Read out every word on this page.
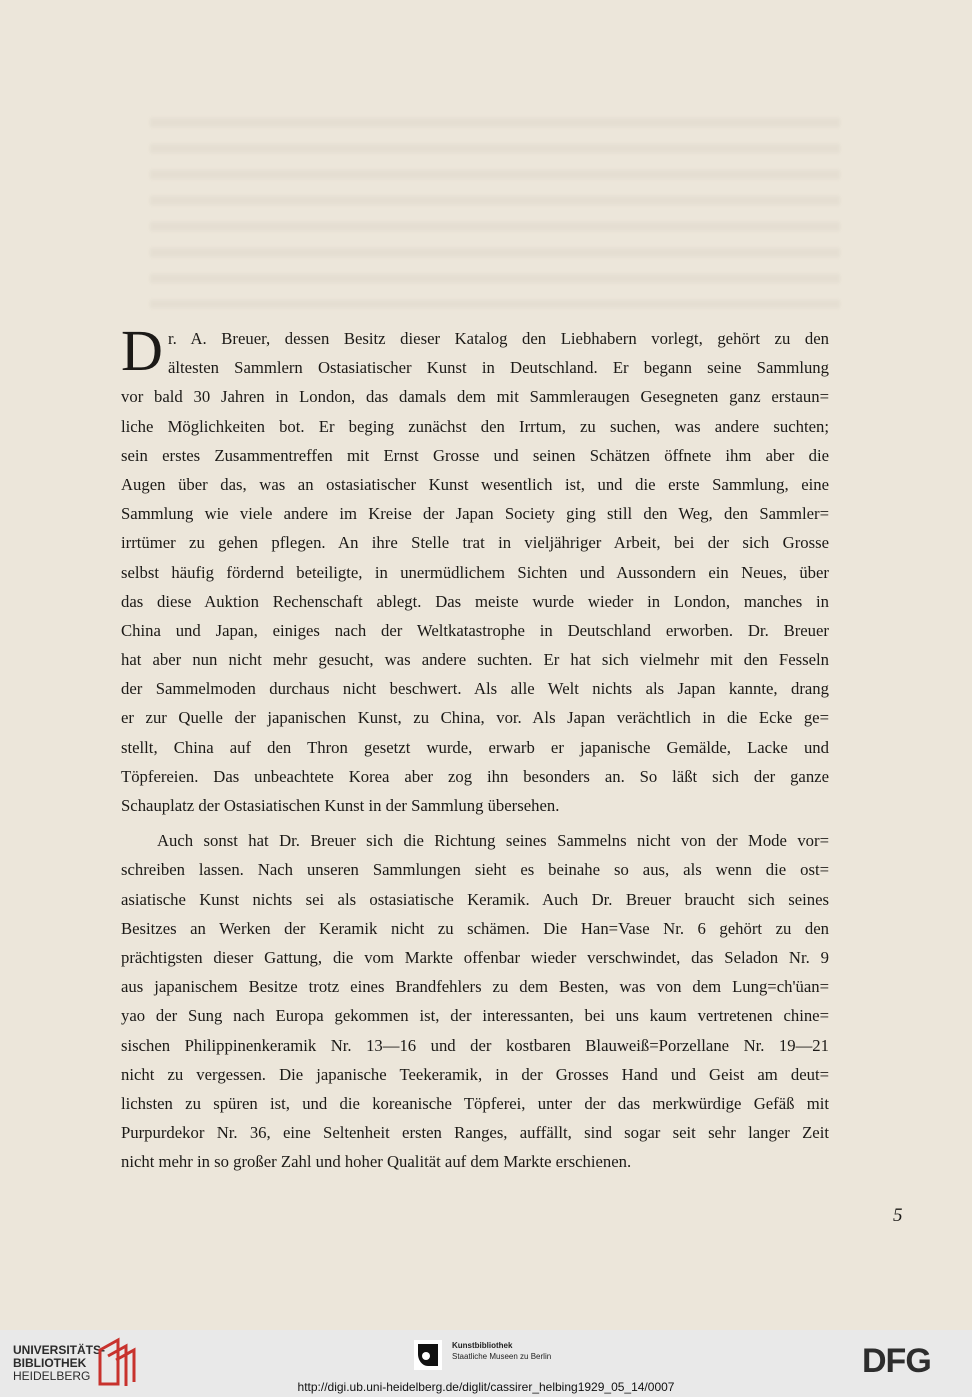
D r. A. Breuer, dessen Besitz dieser Katalog den Liebhabern vorlegt, gehört zu den
ältesten Sammlern Ostasiatischer Kunst in Deutschland. Er begann seine Sammlung
vor bald 30 Jahren in London, das damals dem mit Sammleraugen Gesegneten ganz erstaun=
liche Möglichkeiten bot. Er beging zunächst den Irrtum, zu suchen, was andere suchten;
sein erstes Zusammentreffen mit Ernst Grosse und seinen Schätzen öffnete ihm aber die
Augen über das, was an ostasiatischer Kunst wesentlich ist, und die erste Sammlung, eine
Sammlung wie viele andere im Kreise der Japan Society ging still den Weg, den Sammler=
irrtümer zu gehen pflegen. An ihre Stelle trat in vieljähriger Arbeit, bei der sich Grosse
selbst häufig fördernd beteiligte, in unermüdlichem Sichten und Aussondern ein Neues, über
das diese Auktion Rechenschaft ablegt. Das meiste wurde wieder in London, manches in
China und Japan, einiges nach der Weltkatastrophe in Deutschland erworben. Dr. Breuer
hat aber nun nicht mehr gesucht, was andere suchten. Er hat sich vielmehr mit den Fesseln
der Sammelmoden durchaus nicht beschwert. Als alle Welt nichts als Japan kannte, drang
er zur Quelle der japanischen Kunst, zu China, vor. Als Japan verächtlich in die Ecke ge=
stellt, China auf den Thron gesetzt wurde, erwarb er japanische Gemälde, Lacke und
Töpfereien. Das unbeachtete Korea aber zog ihn besonders an. So läßt sich der ganze
Schauplatz der Ostasiatischen Kunst in der Sammlung übersehen.
Auch sonst hat Dr. Breuer sich die Richtung seines Sammelns nicht von der Mode vor=
schreiben lassen. Nach unseren Sammlungen sieht es beinahe so aus, als wenn die ost=
asiatische Kunst nichts sei als ostasiatische Keramik. Auch Dr. Breuer braucht sich seines
Besitzes an Werken der Keramik nicht zu schämen. Die Han=Vase Nr. 6 gehört zu den
prächtigsten dieser Gattung, die vom Markte offenbar wieder verschwindet, das Seladon Nr. 9
aus japanischem Besitze trotz eines Brandfehlers zu dem Besten, was von dem Lung=ch'üan=
yao der Sung nach Europa gekommen ist, der interessanten, bei uns kaum vertretenen chine=
sischen Philippinenkeramik Nr. 13—16 und der kostbaren Blauweiß=Porzellane Nr. 19—21
nicht zu vergessen. Die japanische Teekeramik, in der Grosses Hand und Geist am deut=
lichsten zu spüren ist, und die koreanische Töpferei, unter der das merkwürdige Gefäß mit
Purpurdekor Nr. 36, eine Seltenheit ersten Ranges, auffällt, sind sogar seit sehr langer Zeit
nicht mehr in so großer Zahl und hoher Qualität auf dem Markte erschienen.
5
UNIVERSITÄTS-
BIBLIOTHEK
HEIDELBERG
Kunstbibliothek
Staatliche Museen zu Berlin	DFG
http://digi.ub.uni-heidelberg.de/diglit/cassirer_helbing1929_05_14/0007
